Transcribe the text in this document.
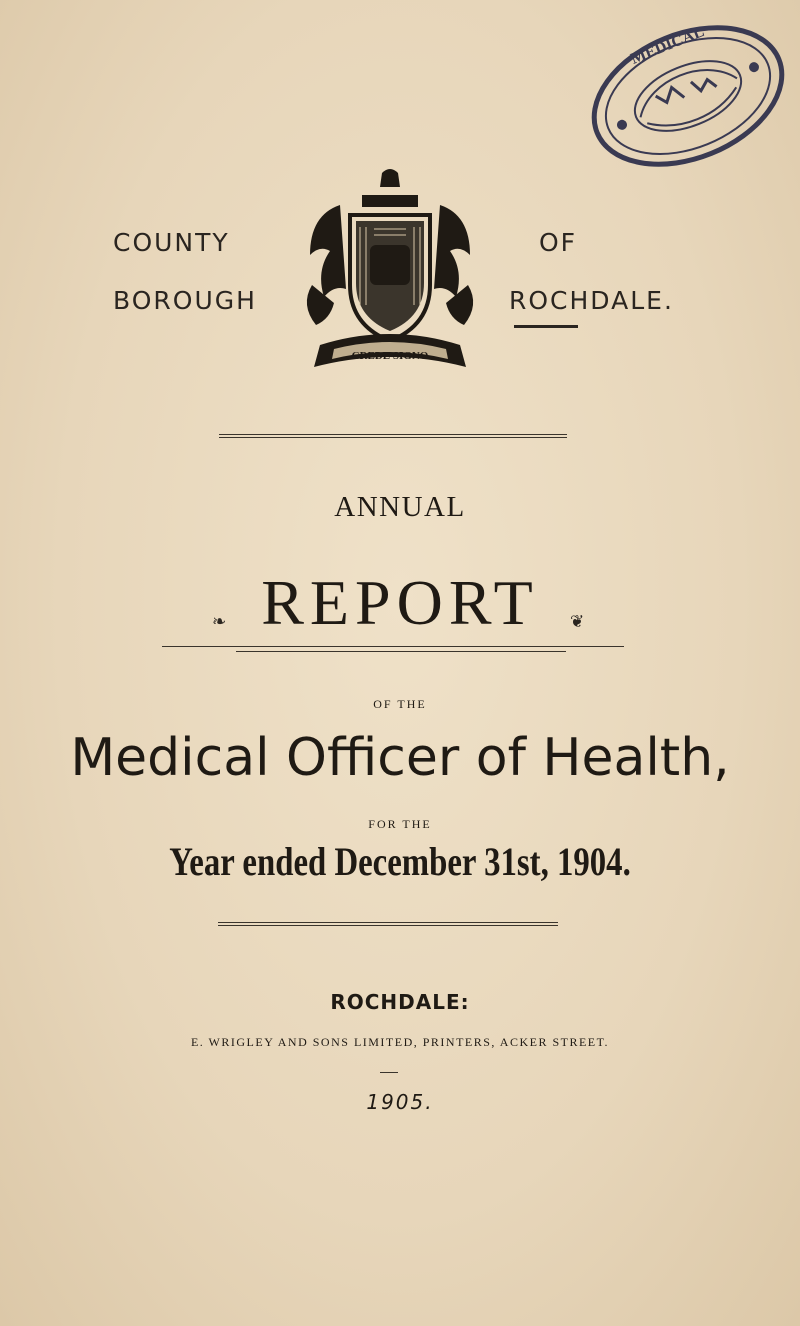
MEDICAL
COUNTY
BOROUGH
OF
ROCHDALE.
CREDE SIGNO
ANNUAL
❧ REPORT	❦
OF THE
Medical Officer of Health,
FOR THE
Year ended December 31st, 1904.
ROCHDALE:
E. WRIGLEY AND SONS LIMITED, PRINTERS, ACKER STREET.
1905.
